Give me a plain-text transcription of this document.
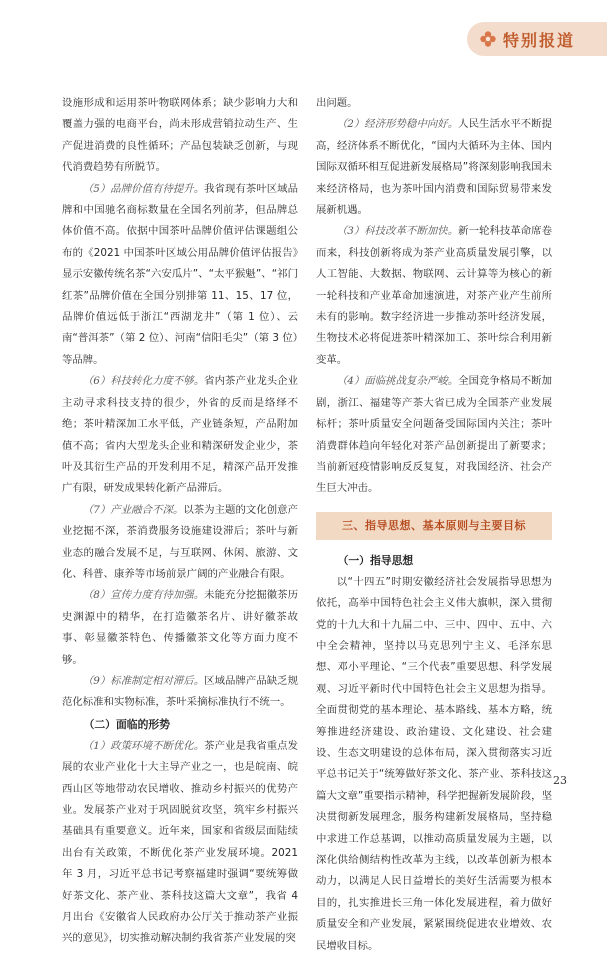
特别报道

设施形成和运用茶叶物联网体系；缺少影响力大和覆盖力强的电商平台，尚未形成营销拉动生产、生产促进消费的良性循环；产品包装缺乏创新，与现代消费趋势有所脱节。

（5）品牌价值有待提升。我省现有茶叶区域品牌和中国驰名商标数量在全国名列前茅，但品牌总体价值不高。依据中国茶叶品牌价值评估课题组公布的《2021 中国茶叶区域公用品牌价值评估报告》显示安徽传统名茶“六安瓜片”、“太平猴魁”、“祁门红茶”品牌价值在全国分别排第 11、15、17 位，品牌价值远低于浙江“西湖龙井”（第 1 位）、云南“普洱茶”（第 2 位）、河南“信阳毛尖”（第 3 位）等品牌。

（6）科技转化力度不够。省内茶产业龙头企业主动寻求科技支持的很少，外省的反而是络绎不绝；茶叶精深加工水平低，产业链条短，产品附加值不高；省内大型龙头企业和精深研发企业少，茶叶及其衍生产品的开发利用不足，精深产品开发推广有限，研发成果转化新产品滞后。

（7）产业融合不深。以茶为主题的文化创意产业挖掘不深，茶消费服务设施建设滞后；茶叶与新业态的融合发展不足，与互联网、休闲、旅游、文化、科普、康养等市场前景广阔的产业融合有限。

（8）宣传力度有待加强。未能充分挖掘徽茶历史渊源中的精华，在打造徽茶名片、讲好徽茶故事、彰显徽茶特色、传播徽茶文化等方面力度不够。

（9）标准制定相对滞后。区域品牌产品缺乏规范化标准和实物标准，茶叶采摘标准执行不统一。

（二）面临的形势

（1）政策环境不断优化。茶产业是我省重点发展的农业产业化十大主导产业之一，也是皖南、皖西山区等地带动农民增收、推动乡村振兴的优势产业。发展茶产业对于巩固脱贫攻坚，筑牢乡村振兴基础具有重要意义。近年来，国家和省级层面陆续出台有关政策，不断优化茶产业发展环境。2021 年 3 月，习近平总书记考察福建时强调“要统筹做好茶文化、茶产业、茶科技这篇大文章”，我省 4 月出台《安徽省人民政府办公厅关于推动茶产业振兴的意见》，切实推动解决制约我省茶产业发展的突

出问题。

（2）经济形势稳中向好。人民生活水平不断提高，经济体系不断优化，“国内大循环为主体、国内国际双循环相互促进新发展格局”将深刻影响我国未来经济格局，也为茶叶国内消费和国际贸易带来发展新机遇。

（3）科技改革不断加快。新一轮科技革命席卷而来，科技创新将成为茶产业高质量发展引擎，以人工智能、大数据、物联网、云计算等为核心的新一轮科技和产业革命加速演进，对茶产业产生前所未有的影响。数字经济进一步推动茶叶经济发展，生物技术必将促进茶叶精深加工、茶叶综合利用新变革。

（4）面临挑战复杂严峻。全国竞争格局不断加剧，浙江、福建等产茶大省已成为全国茶产业发展标杆；茶叶质量安全问题备受国际国内关注；茶叶消费群体趋向年轻化对茶产品创新提出了新要求；当前新冠疫情影响反反复复，对我国经济、社会产生巨大冲击。

三、指导思想、基本原则与主要目标
（一）指导思想

以“十四五”时期安徽经济社会发展指导思想为依托，高举中国特色社会主义伟大旗帜，深入贯彻党的十九大和十九届二中、三中、四中、五中、六中全会精神，坚持以马克思列宁主义、毛泽东思想、邓小平理论、“三个代表”重要思想、科学发展观、习近平新时代中国特色社会主义思想为指导。全面贯彻党的基本理论、基本路线、基本方略，统筹推进经济建设、政治建设、文化建设、社会建设、生态文明建设的总体布局，深入贯彻落实习近平总书记关于“统筹做好茶文化、茶产业、茶科技这篇大文章”重要指示精神，科学把握新发展阶段，坚决贯彻新发展理念，服务构建新发展格局，坚持稳中求进工作总基调，以推动高质量发展为主题，以深化供给侧结构性改革为主线，以改革创新为根本动力，以满足人民日益增长的美好生活需要为根本目的，扎实推进长三角一体化发展进程，着力做好质量安全和产业发展，紧紧围绕促进农业增效、农民增收目标。

23
